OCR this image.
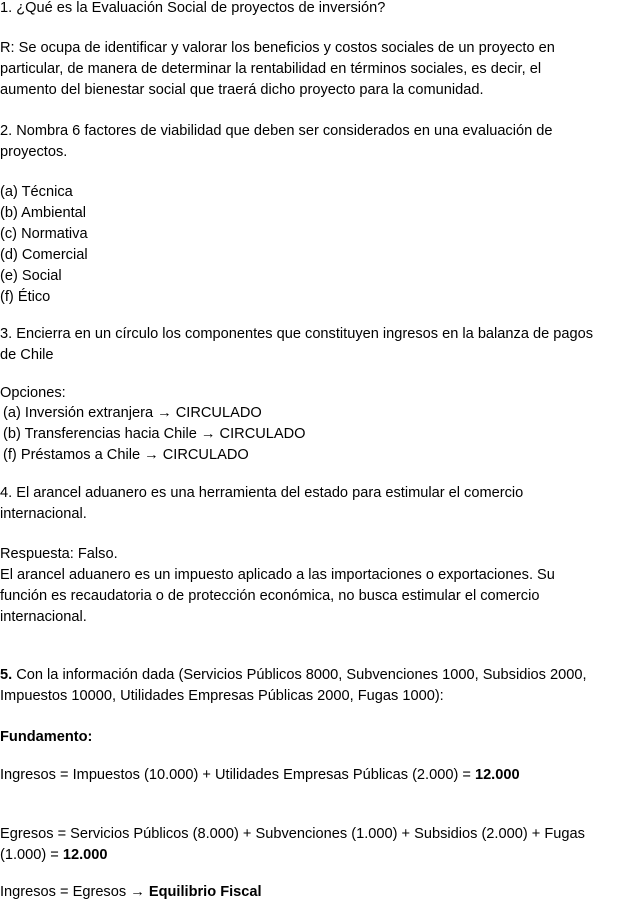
1. ¿Qué es la Evaluación Social de proyectos de inversión?
R: Se ocupa de identificar y valorar los beneficios y costos sociales de un proyecto en
particular, de manera de determinar la rentabilidad en términos sociales, es decir, el
aumento del bienestar social que traerá dicho proyecto para la comunidad.
2. Nombra 6 factores de viabilidad que deben ser considerados en una evaluación de
proyectos.
(a) Técnica
(b) Ambiental
(c) Normativa
(d) Comercial
(e) Social
(f) Ético
3. Encierra en un círculo los componentes que constituyen ingresos en la balanza de pagos
de Chile
Opciones:
(a) Inversión extranjera → CIRCULADO
(b) Transferencias hacia Chile → CIRCULADO
(f) Préstamos a Chile → CIRCULADO
4. El arancel aduanero es una herramienta del estado para estimular el comercio
internacional.
Respuesta: Falso.
El arancel aduanero es un impuesto aplicado a las importaciones o exportaciones. Su
función es recaudatoria o de protección económica, no busca estimular el comercio
internacional.
5. Con la información dada (Servicios Públicos 8000, Subvenciones 1000, Subsidios 2000,
Impuestos 10000, Utilidades Empresas Públicas 2000, Fugas 1000):
Fundamento:
Ingresos = Impuestos (10.000) + Utilidades Empresas Públicas (2.000) = 12.000
Egresos = Servicios Públicos (8.000) + Subvenciones (1.000) + Subsidios (2.000) + Fugas
(1.000) = 12.000
Ingresos = Egresos → Equilibrio Fiscal
